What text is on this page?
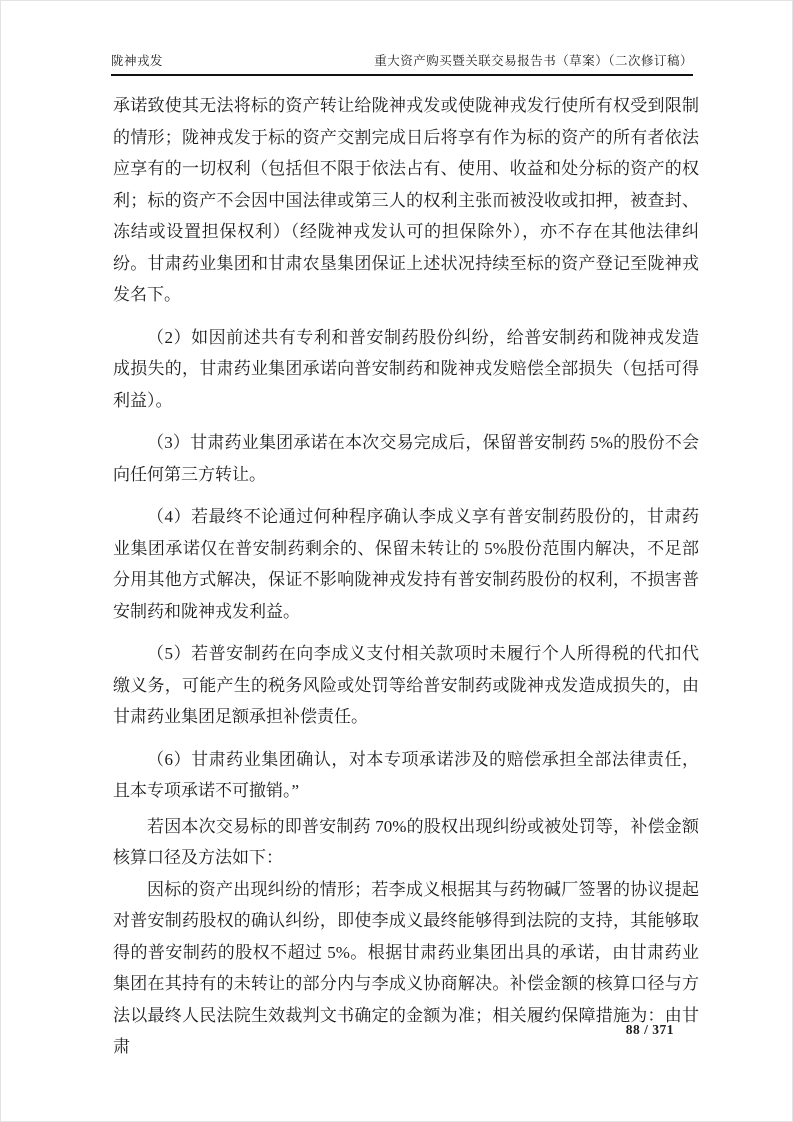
陇神戎发	重大资产购买暨关联交易报告书（草案）（二次修订稿）

承诺致使其无法将标的资产转让给陇神戎发或使陇神戎发行使所有权受到限制的情形；陇神戎发于标的资产交割完成日后将享有作为标的资产的所有者依法应享有的一切权利（包括但不限于依法占有、使用、收益和处分标的资产的权利；标的资产不会因中国法律或第三人的权利主张而被没收或扣押，被查封、冻结或设置担保权利）（经陇神戎发认可的担保除外），亦不存在其他法律纠纷。甘肃药业集团和甘肃农垦集团保证上述状况持续至标的资产登记至陇神戎发名下。

（2）如因前述共有专利和普安制药股份纠纷，给普安制药和陇神戎发造成损失的，甘肃药业集团承诺向普安制药和陇神戎发赔偿全部损失（包括可得利益）。

（3）甘肃药业集团承诺在本次交易完成后，保留普安制药 5%的股份不会向任何第三方转让。

（4）若最终不论通过何种程序确认李成义享有普安制药股份的，甘肃药业集团承诺仅在普安制药剩余的、保留未转让的 5%股份范围内解决，不足部分用其他方式解决，保证不影响陇神戎发持有普安制药股份的权利，不损害普安制药和陇神戎发利益。

（5）若普安制药在向李成义支付相关款项时未履行个人所得税的代扣代缴义务，可能产生的税务风险或处罚等给普安制药或陇神戎发造成损失的，由甘肃药业集团足额承担补偿责任。

（6）甘肃药业集团确认，对本专项承诺涉及的赔偿承担全部法律责任，且本专项承诺不可撤销。”

若因本次交易标的即普安制药 70%的股权出现纠纷或被处罚等，补偿金额核算口径及方法如下：

因标的资产出现纠纷的情形；若李成义根据其与药物碱厂签署的协议提起对普安制药股权的确认纠纷，即使李成义最终能够得到法院的支持，其能够取得的普安制药的股权不超过 5%。根据甘肃药业集团出具的承诺，由甘肃药业集团在其持有的未转让的部分内与李成义协商解决。补偿金额的核算口径与方法以最终人民法院生效裁判文书确定的金额为准；相关履约保障措施为：由甘肃

88 / 371
